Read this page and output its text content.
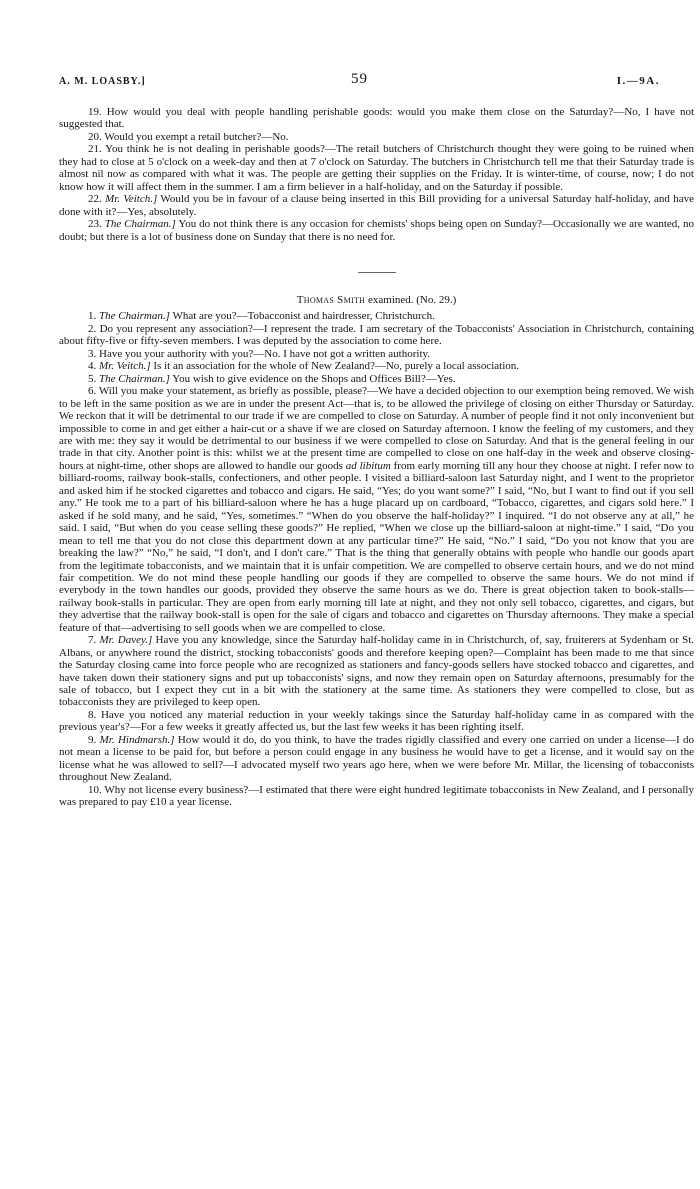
A. M. LOASBY.]	59	I.—9A.

19. How would you deal with people handling perishable goods: would you make them close on the Saturday?—No, I have not suggested that.

20. Would you exempt a retail butcher?—No.

21. You think he is not dealing in perishable goods?—The retail butchers of Christchurch thought they were going to be ruined when they had to close at 5 o'clock on a week-day and then at 7 o'clock on Saturday. The butchers in Christchurch tell me that their Saturday trade is almost nil now as compared with what it was. The people are getting their supplies on the Friday. It is winter-time, of course, now; I do not know how it will affect them in the summer. I am a firm believer in a half-holiday, and on the Saturday if possible.

22. Mr. Veitch.] Would you be in favour of a clause being inserted in this Bill providing for a universal Saturday half-holiday, and have done with it?—Yes, absolutely.

23. The Chairman.] You do not think there is any occasion for chemists' shops being open on Sunday?—Occasionally we are wanted, no doubt; but there is a lot of business done on Sunday that there is no need for.

Thomas Smith examined. (No. 29.)

1. The Chairman.] What are you?—Tobacconist and hairdresser, Christchurch.

2. Do you represent any association?—I represent the trade. I am secretary of the Tobacconists' Association in Christchurch, containing about fifty-five or fifty-seven members. I was deputed by the association to come here.

3. Have you your authority with you?—No. I have not got a written authority.

4. Mr. Veitch.] Is it an association for the whole of New Zealand?—No, purely a local association.

5. The Chairman.] You wish to give evidence on the Shops and Offices Bill?—Yes.

6. Will you make your statement, as briefly as possible, please?—We have a decided objection to our exemption being removed. We wish to be left in the same position as we are in under the present Act—that is, to be allowed the privilege of closing on either Thursday or Saturday. We reckon that it will be detrimental to our trade if we are compelled to close on Saturday. A number of people find it not only inconvenient but impossible to come in and get either a hair-cut or a shave if we are closed on Saturday afternoon. I know the feeling of my customers, and they are with me: they say it would be detrimental to our business if we were compelled to close on Saturday. And that is the general feeling in our trade in that city. Another point is this: whilst we at the present time are compelled to close on one half-day in the week and observe closing-hours at night-time, other shops are allowed to handle our goods ad libitum from early morning till any hour they choose at night. I refer now to billiard-rooms, railway book-stalls, confectioners, and other people. I visited a billiard-saloon last Saturday night, and I went to the proprietor and asked him if he stocked cigarettes and tobacco and cigars. He said, “Yes; do you want some?” I said, “No, but I want to find out if you sell any.” He took me to a part of his billiard-saloon where he has a huge placard up on cardboard, “Tobacco, cigarettes, and cigars sold here.” I asked if he sold many, and he said, “Yes, sometimes.” “When do you observe the half-holiday?” I inquired. “I do not observe any at all,” he said. I said, “But when do you cease selling these goods?” He replied, “When we close up the billiard-saloon at night-time.” I said, “Do you mean to tell me that you do not close this department down at any particular time?” He said, “No.” I said, “Do you not know that you are breaking the law?” “No,” he said, “I don't, and I don't care.” That is the thing that generally obtains with people who handle our goods apart from the legitimate tobacconists, and we maintain that it is unfair competition. We are compelled to observe certain hours, and we do not mind fair competition. We do not mind these people handling our goods if they are compelled to observe the same hours. We do not mind if everybody in the town handles our goods, provided they observe the same hours as we do. There is great objection taken to book-stalls—railway book-stalls in particular. They are open from early morning till late at night, and they not only sell tobacco, cigarettes, and cigars, but they advertise that the railway book-stall is open for the sale of cigars and tobacco and cigarettes on Thursday afternoons. They make a special feature of that—advertising to sell goods when we are compelled to close.

7. Mr. Davey.] Have you any knowledge, since the Saturday half-holiday came in in Christchurch, of, say, fruiterers at Sydenham or St. Albans, or anywhere round the district, stocking tobacconists' goods and therefore keeping open?—Complaint has been made to me that since the Saturday closing came into force people who are recognized as stationers and fancy-goods sellers have stocked tobacco and cigarettes, and have taken down their stationery signs and put up tobacconists' signs, and now they remain open on Saturday afternoons, presumably for the sale of tobacco, but I expect they cut in a bit with the stationery at the same time. As stationers they were compelled to close, but as tobacconists they are privileged to keep open.

8. Have you noticed any material reduction in your weekly takings since the Saturday half-holiday came in as compared with the previous year's?—For a few weeks it greatly affected us, but the last few weeks it has been righting itself.

9. Mr. Hindmarsh.] How would it do, do you think, to have the trades rigidly classified and every one carried on under a license—I do not mean a license to be paid for, but before a person could engage in any business he would have to get a license, and it would say on the license what he was allowed to sell?—I advocated myself two years ago here, when we were before Mr. Millar, the licensing of tobacconists throughout New Zealand.

10. Why not license every business?—I estimated that there were eight hundred legitimate tobacconists in New Zealand, and I personally was prepared to pay £10 a year license.
